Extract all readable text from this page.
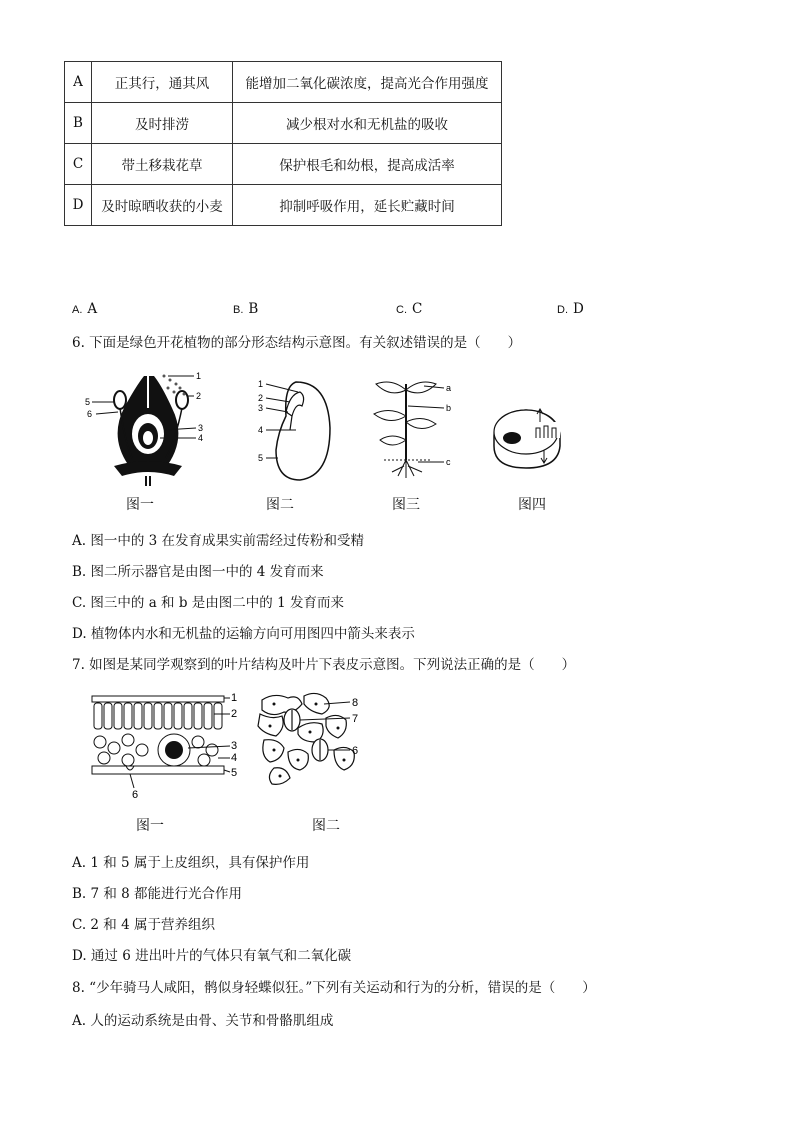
A	正其行，通其风	能增加二氧化碳浓度，提高光合作用强度
B	及时排涝	减少根对水和无机盐的吸收
C	带土移栽花草	保护根毛和幼根，提高成活率
D	及时晾晒收获的小麦	抑制呼吸作用，延长贮藏时间
A. A	B. B	C. C	D. D
6. 下面是绿色开花植物的部分形态结构示意图。有关叙述错误的是（　　）
1
2
3
4
5
6
1
2
3
4
5
a
b
c
图一	图二	图三	图四
A. 图一中的 3 在发育成果实前需经过传粉和受精
B. 图二所示器官是由图一中的 4 发育而来
C. 图三中的 a 和 b 是由图二中的 1 发育而来
D. 植物体内水和无机盐的运输方向可用图四中箭头来表示
7. 如图是某同学观察到的叶片结构及叶片下表皮示意图。下列说法正确的是（　　）
1
2
3
4
5
6
8
7
6
图一	图二
A. 1 和 5 属于上皮组织，具有保护作用
B. 7 和 8 都能进行光合作用
C. 2 和 4 属于营养组织
D. 通过 6 进出叶片的气体只有氧气和二氧化碳
8. “少年骑马人咸阳，鹘似身轻蝶似狂。”下列有关运动和行为的分析，错误的是（　　）
A. 人的运动系统是由骨、关节和骨骼肌组成
